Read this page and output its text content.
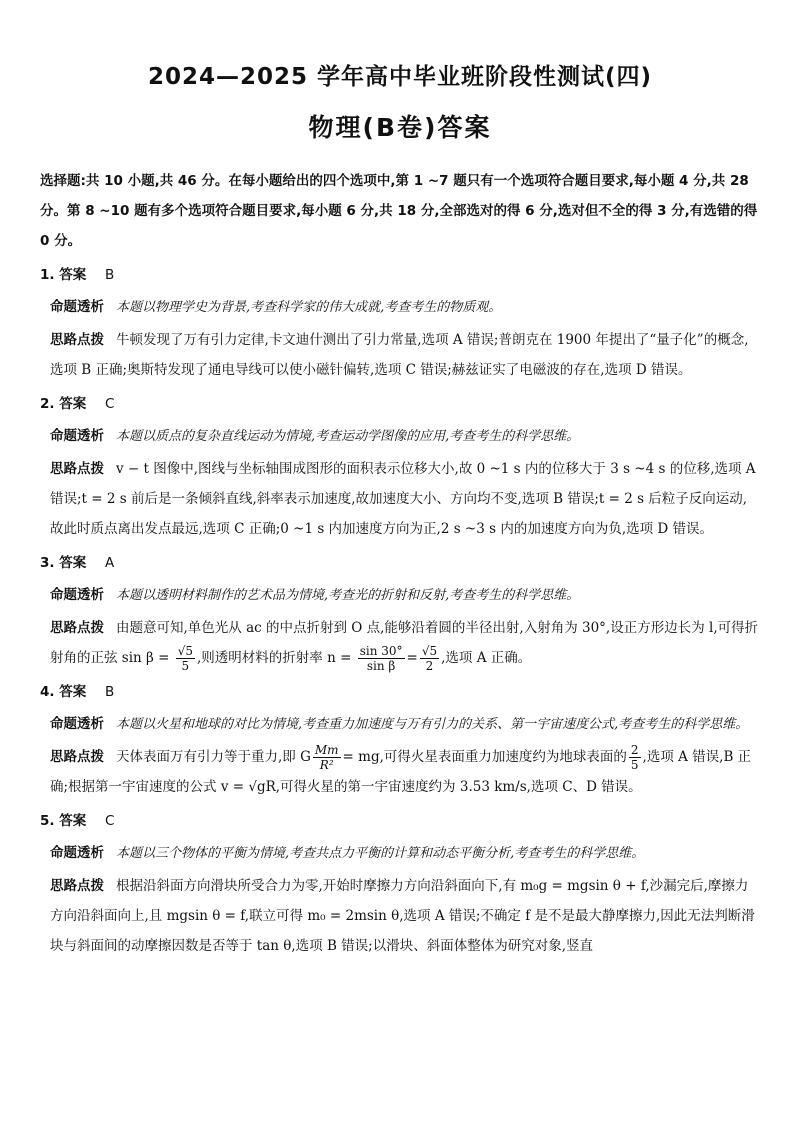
2024—2025 学年高中毕业班阶段性测试(四)
物理(B卷)答案

选择题:共 10 小题,共 46 分。在每小题给出的四个选项中,第 1 ~7 题只有一个选项符合题目要求,每小题 4 分,共 28 分。第 8 ~10 题有多个选项符合题目要求,每小题 6 分,共 18 分,全部选对的得 6 分,选对但不全的得 3 分,有选错的得 0 分。

1. 答案 B
命题透析 本题以物理学史为背景,考查科学家的伟大成就,考查考生的物质观。
思路点拨 牛顿发现了万有引力定律,卡文迪什测出了引力常量,选项 A 错误;普朗克在 1900 年提出了“量子化”的概念,选项 B 正确;奥斯特发现了通电导线可以使小磁针偏转,选项 C 错误;赫兹证实了电磁波的存在,选项 D 错误。
2. 答案 C
命题透析 本题以质点的复杂直线运动为情境,考查运动学图像的应用,考查考生的科学思维。
思路点拨 v − t 图像中,图线与坐标轴围成图形的面积表示位移大小,故 0 ~1 s 内的位移大于 3 s ~4 s 的位移,选项 A 错误;t = 2 s 前后是一条倾斜直线,斜率表示加速度,故加速度大小、方向均不变,选项 B 错误;t = 2 s 后粒子反向运动,故此时质点离出发点最远,选项 C 正确;0 ~1 s 内加速度方向为正,2 s ~3 s 内的加速度方向为负,选项 D 错误。
3. 答案 A
命题透析 本题以透明材料制作的艺术品为情境,考查光的折射和反射,考查考生的科学思维。
思路点拨 由题意可知,单色光从 ac 的中点折射到 O 点,能够沿着圆的半径出射,入射角为 30°,设正方形边长为 l,可得折射角的正弦 $\sin \beta = \frac{√5}{5}$ ,则透明材料的折射率 $n = \frac{\sin 30^\circ}{\text{sin β}} = \frac{√5}{2}$ ,选项 A 正确。
4. 答案 B
命题透析 本题以火星和地球的对比为情境,考查重力加速度与万有引力的关系、第一宇宙速度公式,考查考生的科学思维。
思路点拨 天体表面万有引力等于重力,即 G $\frac{Mm}{\text{R²}}$ = mg,可得火星表面重力加速度约为地球表面的 $\frac{2}{5}$ ,选项 A 错误,B 正确;根据第一宇宙速度的公式 v = √gR,可得火星的第一宇宙速度约为 3.53 km/s,选项 C、D 错误。
5. 答案 C
命题透析 本题以三个物体的平衡为情境,考查共点力平衡的计算和动态平衡分析,考查考生的科学思维。
思路点拨 根据沿斜面方向滑块所受合力为零,开始时摩擦力方向沿斜面向下,有 m₀g = mgsin θ + f,沙漏完后,摩擦力方向沿斜面向上,且 mgsin θ = f,联立可得 m₀ = 2msin θ,选项 A 错误;不确定 f 是不是最大静摩擦力,因此无法判断滑块与斜面间的动摩擦因数是否等于 tan θ,选项 B 错误;以滑块、斜面体整体为研究对象,竖直
